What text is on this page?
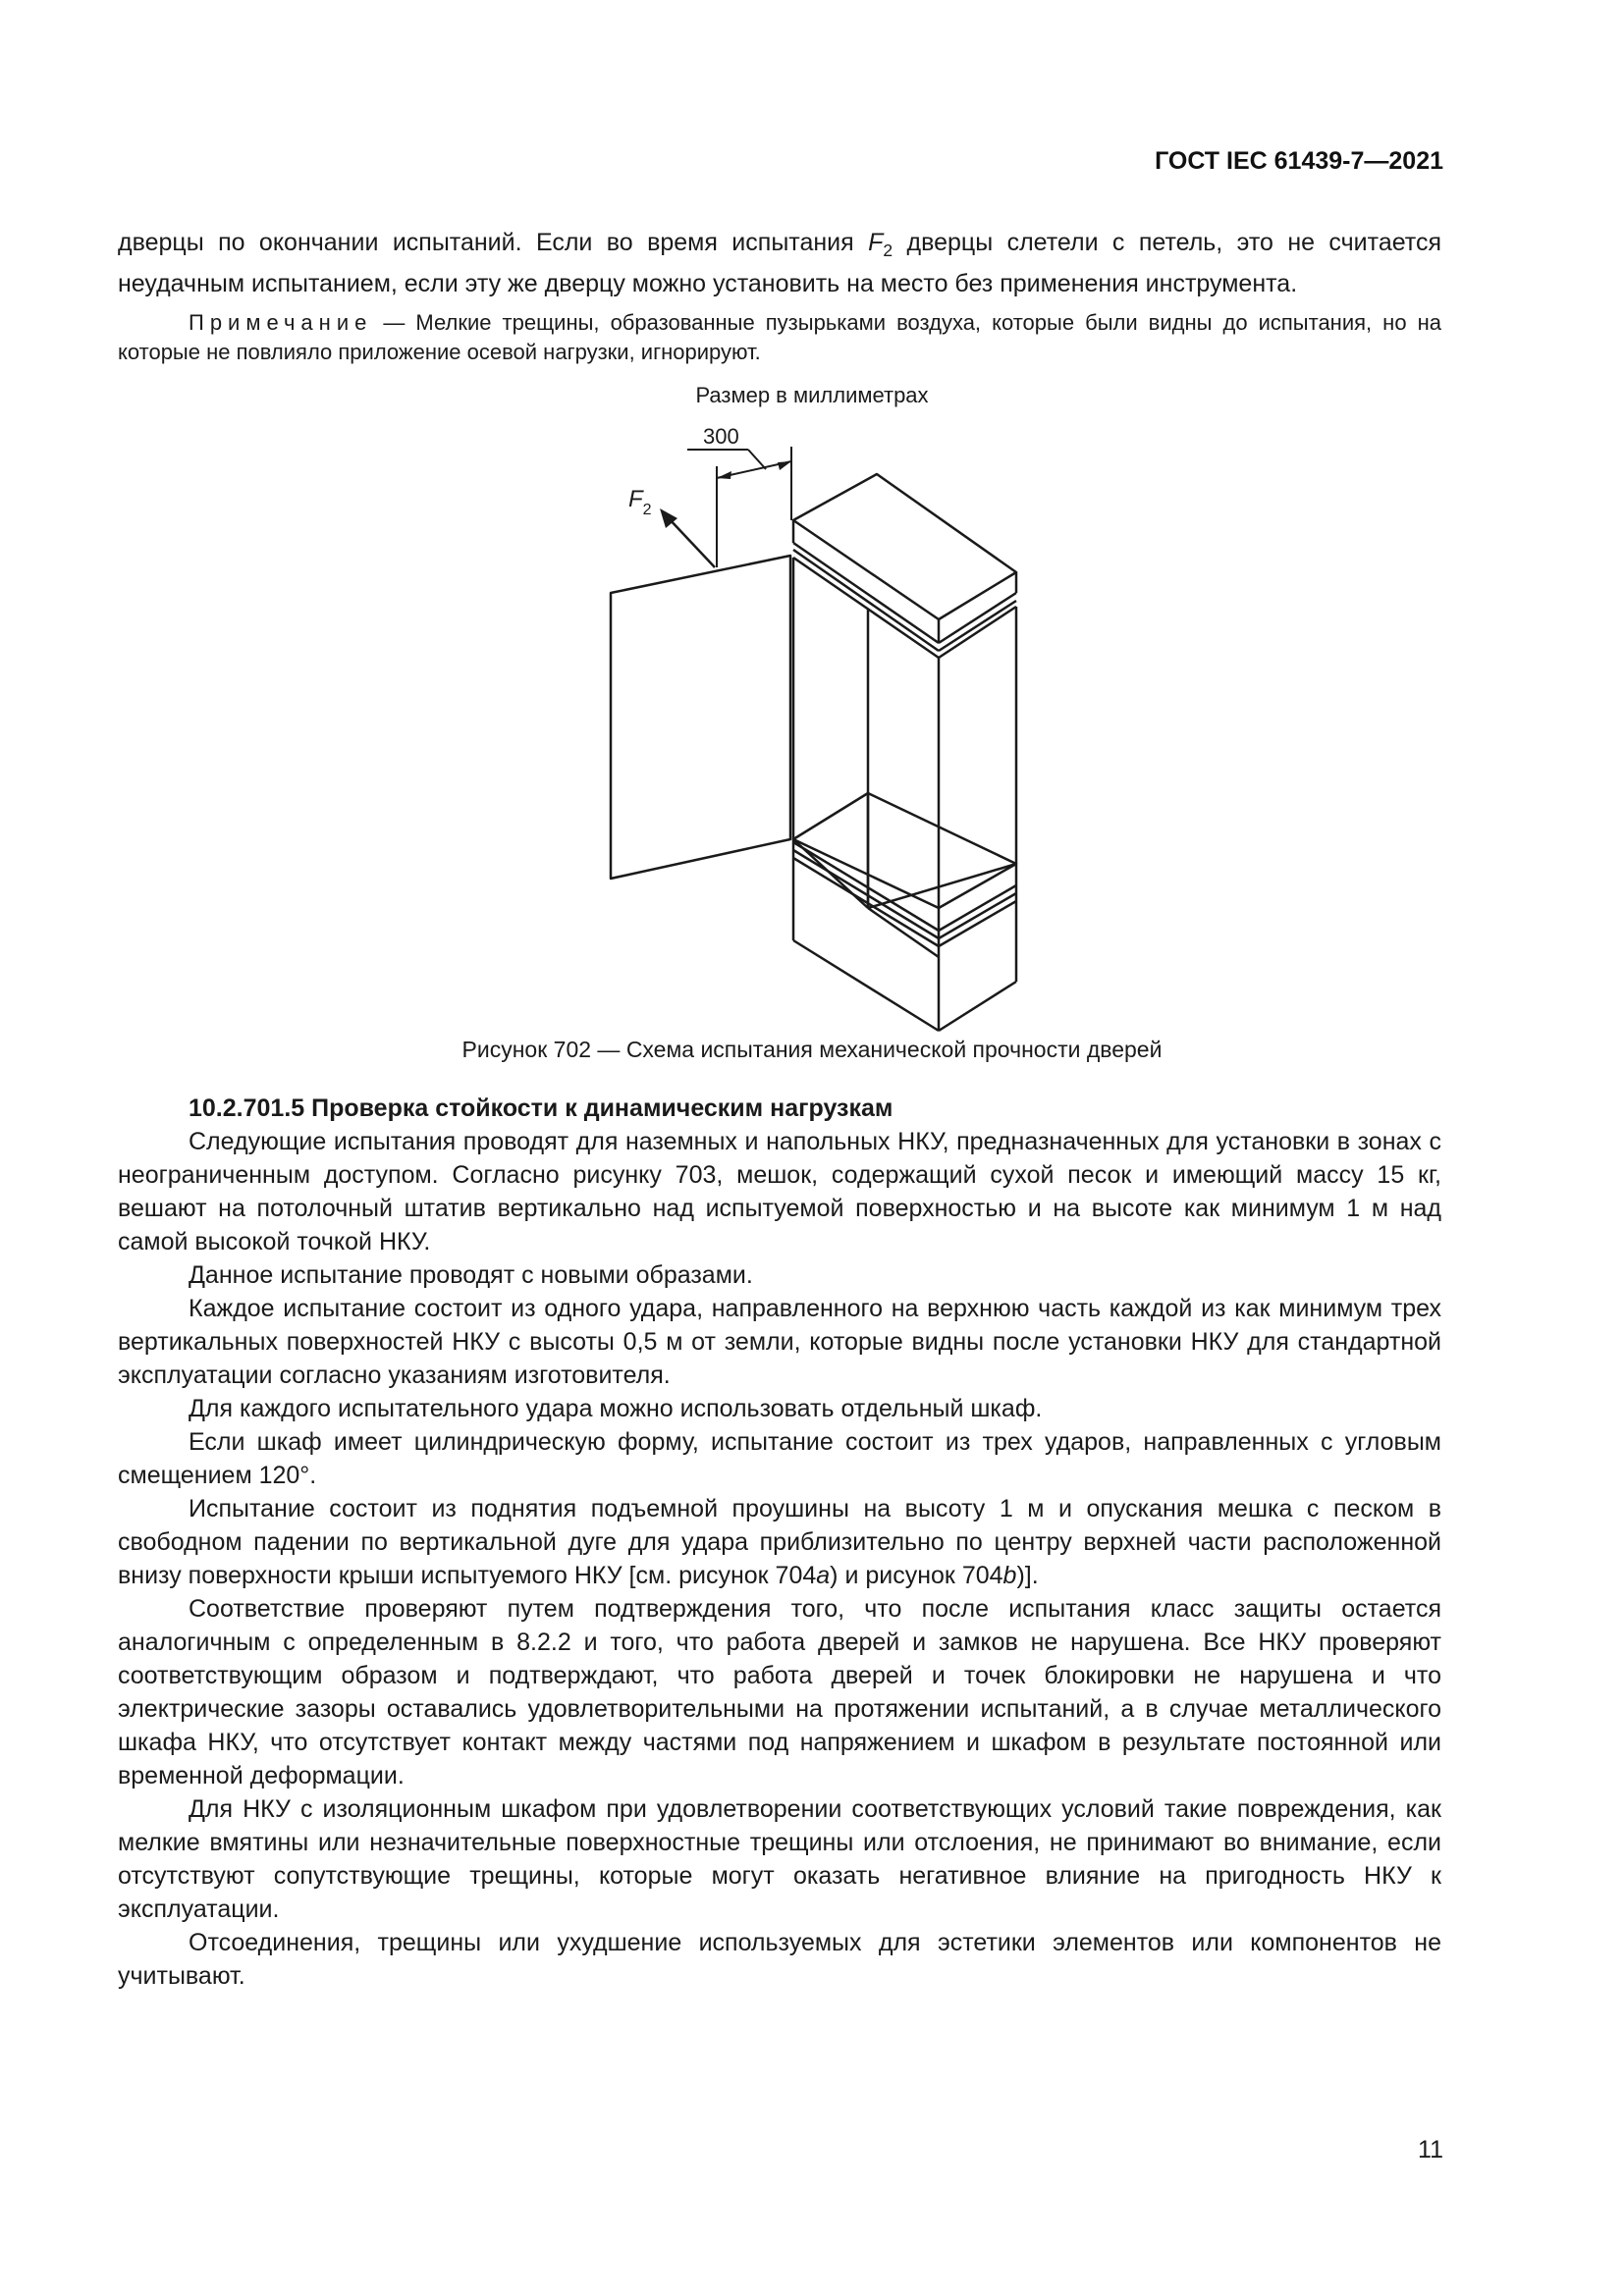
ГОСТ IEC 61439-7—2021

дверцы по окончании испытаний. Если во время испытания $F_2$ дверцы слетели с петель, это не считается неудачным испытанием, если эту же дверцу можно установить на место без применения инструмента.

Примечание — Мелкие трещины, образованные пузырьками воздуха, которые были видны до испытания, но на которые не повлияло приложение осевой нагрузки, игнорируют.
Размер в миллиметрах
300
$F_2$
Рисунок 702 — Схема испытания механической прочности дверей

10.2.701.5 Проверка стойкости к динамическим нагрузкам

Следующие испытания проводят для наземных и напольных НКУ, предназначенных для установки в зонах с неограниченным доступом. Согласно рисунку 703, мешок, содержащий сухой песок и имеющий массу 15 кг, вешают на потолочный штатив вертикально над испытуемой поверхностью и на высоте как минимум 1 м над самой высокой точкой НКУ.

Данное испытание проводят с новыми образами.

Каждое испытание состоит из одного удара, направленного на верхнюю часть каждой из как минимум трех вертикальных поверхностей НКУ с высоты 0,5 м от земли, которые видны после установки НКУ для стандартной эксплуатации согласно указаниям изготовителя.

Для каждого испытательного удара можно использовать отдельный шкаф.

Если шкаф имеет цилиндрическую форму, испытание состоит из трех ударов, направленных с угловым смещением 120°.

Испытание состоит из поднятия подъемной проушины на высоту 1 м и опускания мешка с песком в свободном падении по вертикальной дуге для удара приблизительно по центру верхней части расположенной внизу поверхности крыши испытуемого НКУ [см. рисунок 704a) и рисунок 704b)].

Соответствие проверяют путем подтверждения того, что после испытания класс защиты остается аналогичным с определенным в 8.2.2 и того, что работа дверей и замков не нарушена. Все НКУ проверяют соответствующим образом и подтверждают, что работа дверей и точек блокировки не нарушена и что электрические зазоры оставались удовлетворительными на протяжении испытаний, а в случае металлического шкафа НКУ, что отсутствует контакт между частями под напряжением и шкафом в результате постоянной или временной деформации.

Для НКУ с изоляционным шкафом при удовлетворении соответствующих условий такие повреждения, как мелкие вмятины или незначительные поверхностные трещины или отслоения, не принимают во внимание, если отсутствуют сопутствующие трещины, которые могут оказать негативное влияние на пригодность НКУ к эксплуатации.

Отсоединения, трещины или ухудшение используемых для эстетики элементов или компонентов не учитывают.

11
